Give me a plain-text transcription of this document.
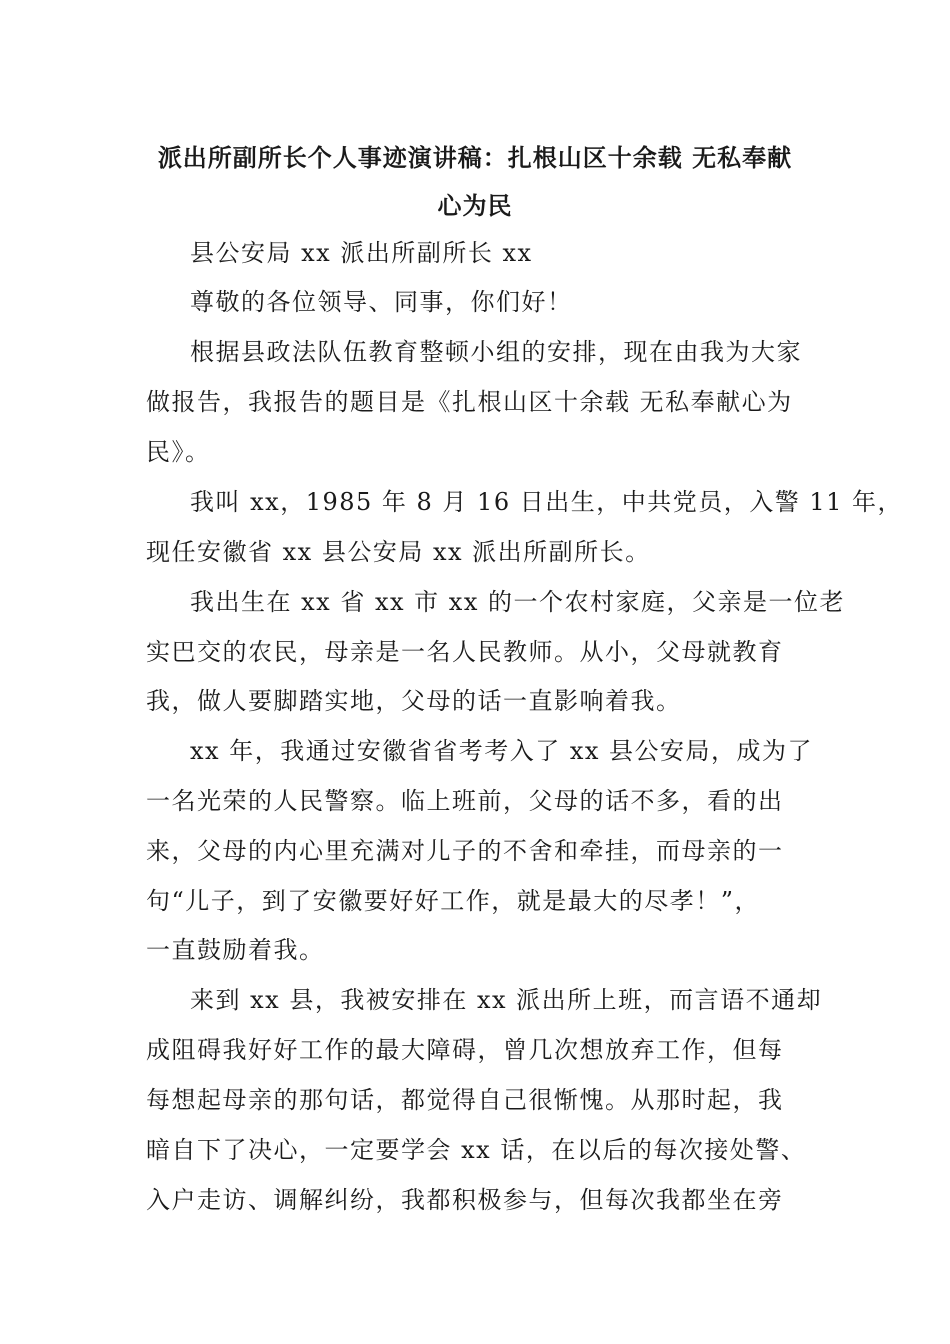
派出所副所长个人事迹演讲稿：扎根山区十余载 无私奉献
心为民
县公安局 xx 派出所副所长 xx
尊敬的各位领导、同事，你们好！
根据县政法队伍教育整顿小组的安排，现在由我为大家
做报告，我报告的题目是《扎根山区十余载 无私奉献心为
民》。
我叫 xx，1985 年 8 月 16 日出生，中共党员，入警 11 年，
现任安徽省 xx 县公安局 xx 派出所副所长。
我出生在 xx 省 xx 市 xx 的一个农村家庭，父亲是一位老
实巴交的农民，母亲是一名人民教师。从小，父母就教育
我，做人要脚踏实地，父母的话一直影响着我。
xx 年，我通过安徽省省考考入了 xx 县公安局，成为了
一名光荣的人民警察。临上班前，父母的话不多，看的出
来，父母的内心里充满对儿子的不舍和牵挂，而母亲的一
句“儿子，到了安徽要好好工作，就是最大的尽孝！”，
一直鼓励着我。
来到 xx 县，我被安排在 xx 派出所上班，而言语不通却
成阻碍我好好工作的最大障碍，曾几次想放弃工作，但每
每想起母亲的那句话，都觉得自己很惭愧。从那时起，我
暗自下了决心，一定要学会 xx 话，在以后的每次接处警、
入户走访、调解纠纷，我都积极参与，但每次我都坐在旁
